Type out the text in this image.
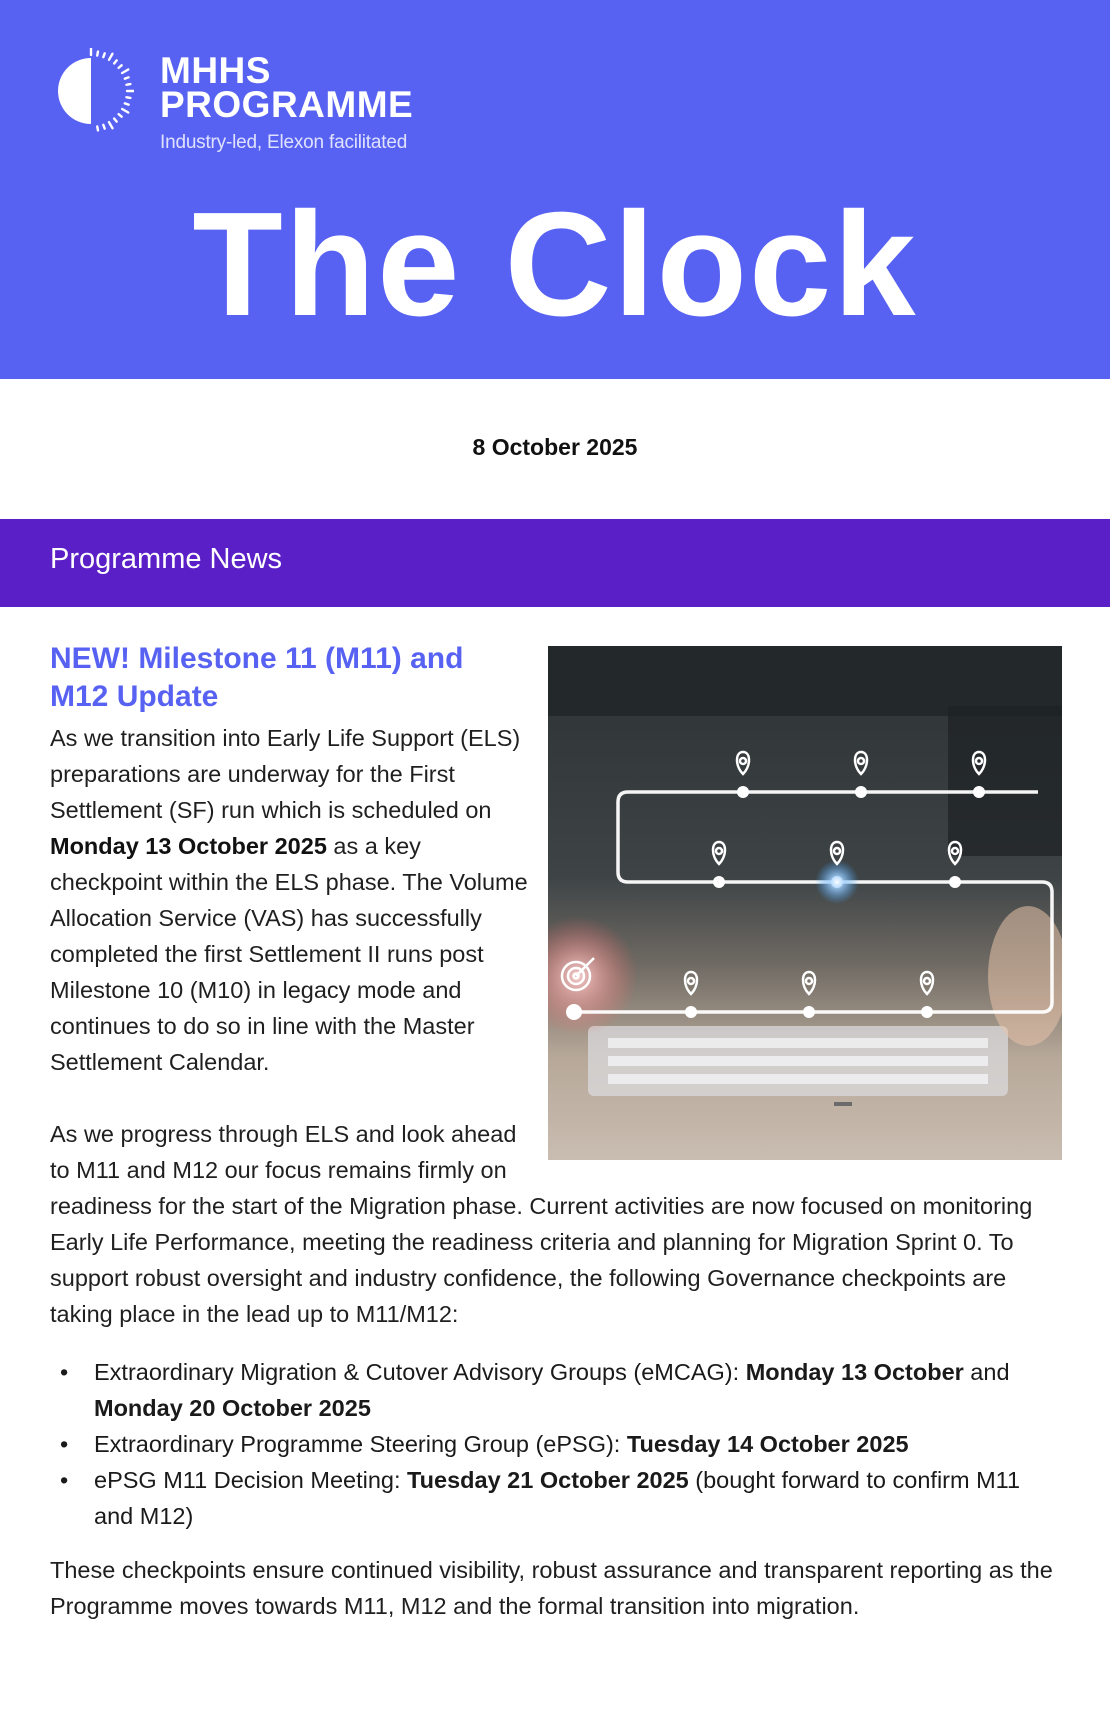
MHHS
PROGRAMME
Industry-led, Elexon facilitated
The Clock
8 October 2025
Programme News
NEW! Milestone 11 (M11) and M12 Update

As we transition into Early Life Support (ELS) preparations are underway for the First Settlement (SF) run which is scheduled on Monday 13 October 2025 as a key checkpoint within the ELS phase. The Volume Allocation Service (VAS) has successfully completed the first Settlement II runs post Milestone 10 (M10) in legacy mode and continues to do so in line with the Master Settlement Calendar.

As we progress through ELS and look ahead to M11 and M12 our focus remains firmly on readiness for the start of the Migration phase. Current activities are now focused on monitoring Early Life Performance, meeting the readiness criteria and planning for Migration Sprint 0. To support robust oversight and industry confidence, the following Governance checkpoints are taking place in the lead up to M11/M12:

•	Extraordinary Migration & Cutover Advisory Groups (eMCAG): Monday 13 October and Monday 20 October 2025
•	Extraordinary Programme Steering Group (ePSG): Tuesday 14 October 2025
•	ePSG M11 Decision Meeting: Tuesday 21 October 2025 (bought forward to confirm M11 and M12)

These checkpoints ensure continued visibility, robust assurance and transparent reporting as the Programme moves towards M11, M12 and the formal transition into migration.
